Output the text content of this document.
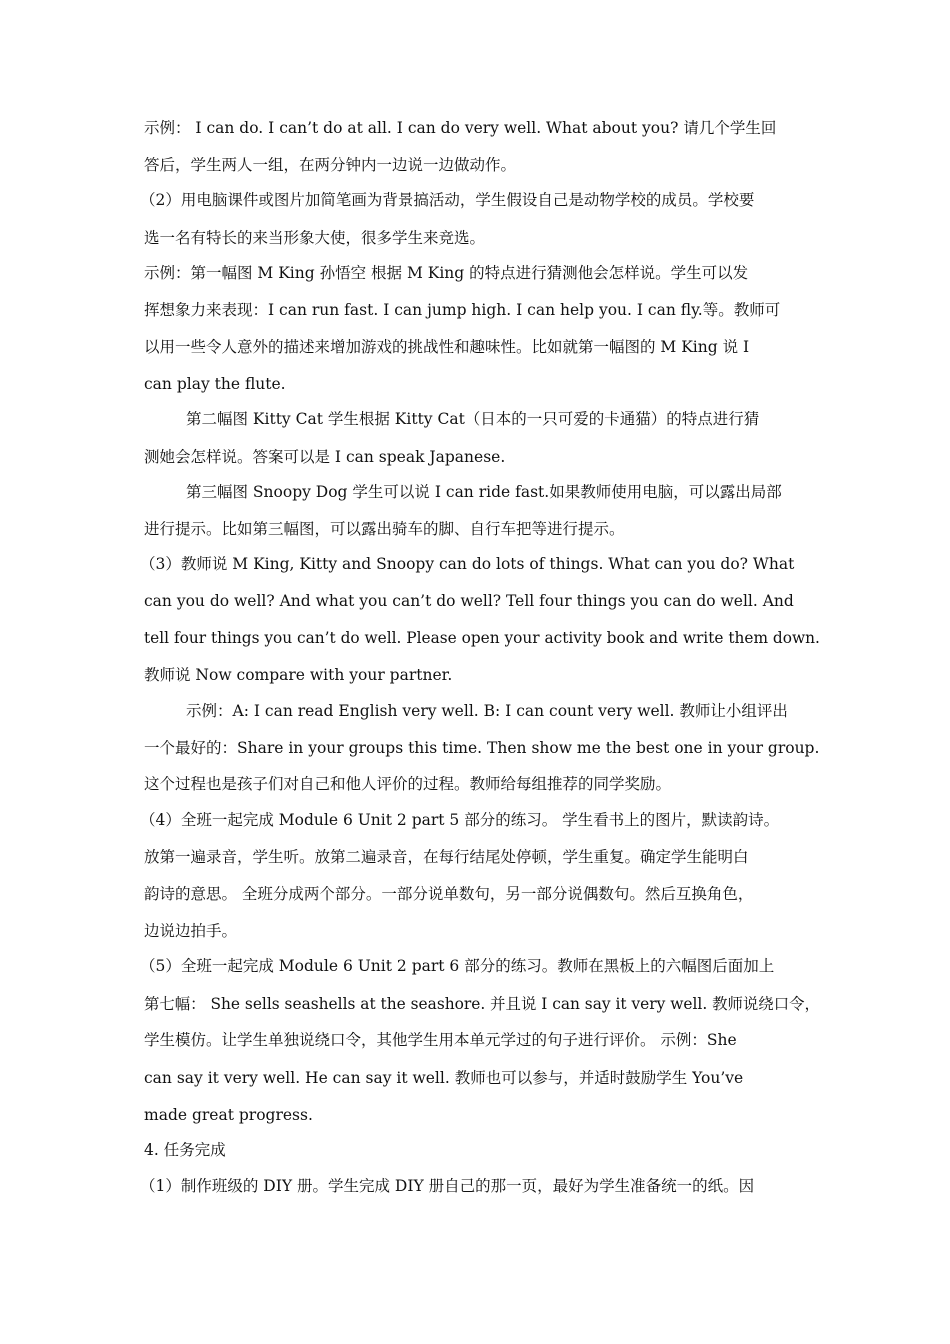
示例： I can do. I can’t do at all. I can do very well. What about you? 请几个学生回
答后，学生两人一组，在两分钟内一边说一边做动作。
（2）用电脑课件或图片加简笔画为背景搞活动，学生假设自己是动物学校的成员。学校要
选一名有特长的来当形象大使，很多学生来竞选。
示例：第一幅图 M King 孙悟空 根据 M King 的特点进行猜测他会怎样说。学生可以发
挥想象力来表现：I can run fast. I can jump high. I can help you. I can fly.等。教师可
以用一些令人意外的描述来增加游戏的挑战性和趣味性。比如就第一幅图的 M King 说 I
can play the flute.
第二幅图 Kitty Cat 学生根据 Kitty Cat（日本的一只可爱的卡通猫）的特点进行猜
测她会怎样说。答案可以是 I can speak Japanese.
第三幅图 Snoopy Dog 学生可以说 I can ride fast.如果教师使用电脑，可以露出局部
进行提示。比如第三幅图，可以露出骑车的脚、自行车把等进行提示。
（3）教师说 M King, Kitty and Snoopy can do lots of things. What can you do? What
can you do well? And what you can’t do well? Tell four things you can do well. And
tell four things you can’t do well. Please open your activity book and write them down.
教师说 Now compare with your partner.
示例：A: I can read English very well. B: I can count very well. 教师让小组评出
一个最好的：Share in your groups this time. Then show me the best one in your group.
这个过程也是孩子们对自己和他人评价的过程。教师给每组推荐的同学奖励。
（4）全班一起完成 Module 6 Unit 2 part 5 部分的练习。 学生看书上的图片，默读韵诗。
放第一遍录音，学生听。放第二遍录音，在每行结尾处停顿，学生重复。确定学生能明白
韵诗的意思。 全班分成两个部分。一部分说单数句，另一部分说偶数句。然后互换角色，
边说边拍手。
（5）全班一起完成 Module 6 Unit 2 part 6 部分的练习。教师在黑板上的六幅图后面加上
第七幅： She sells seashells at the seashore. 并且说 I can say it very well. 教师说绕口令，
学生模仿。让学生单独说绕口令，其他学生用本单元学过的句子进行评价。 示例：She
can say it very well. He can say it well. 教师也可以参与，并适时鼓励学生 You’ve
made great progress.
4. 任务完成
（1）制作班级的 DIY 册。学生完成 DIY 册自己的那一页，最好为学生准备统一的纸。因
